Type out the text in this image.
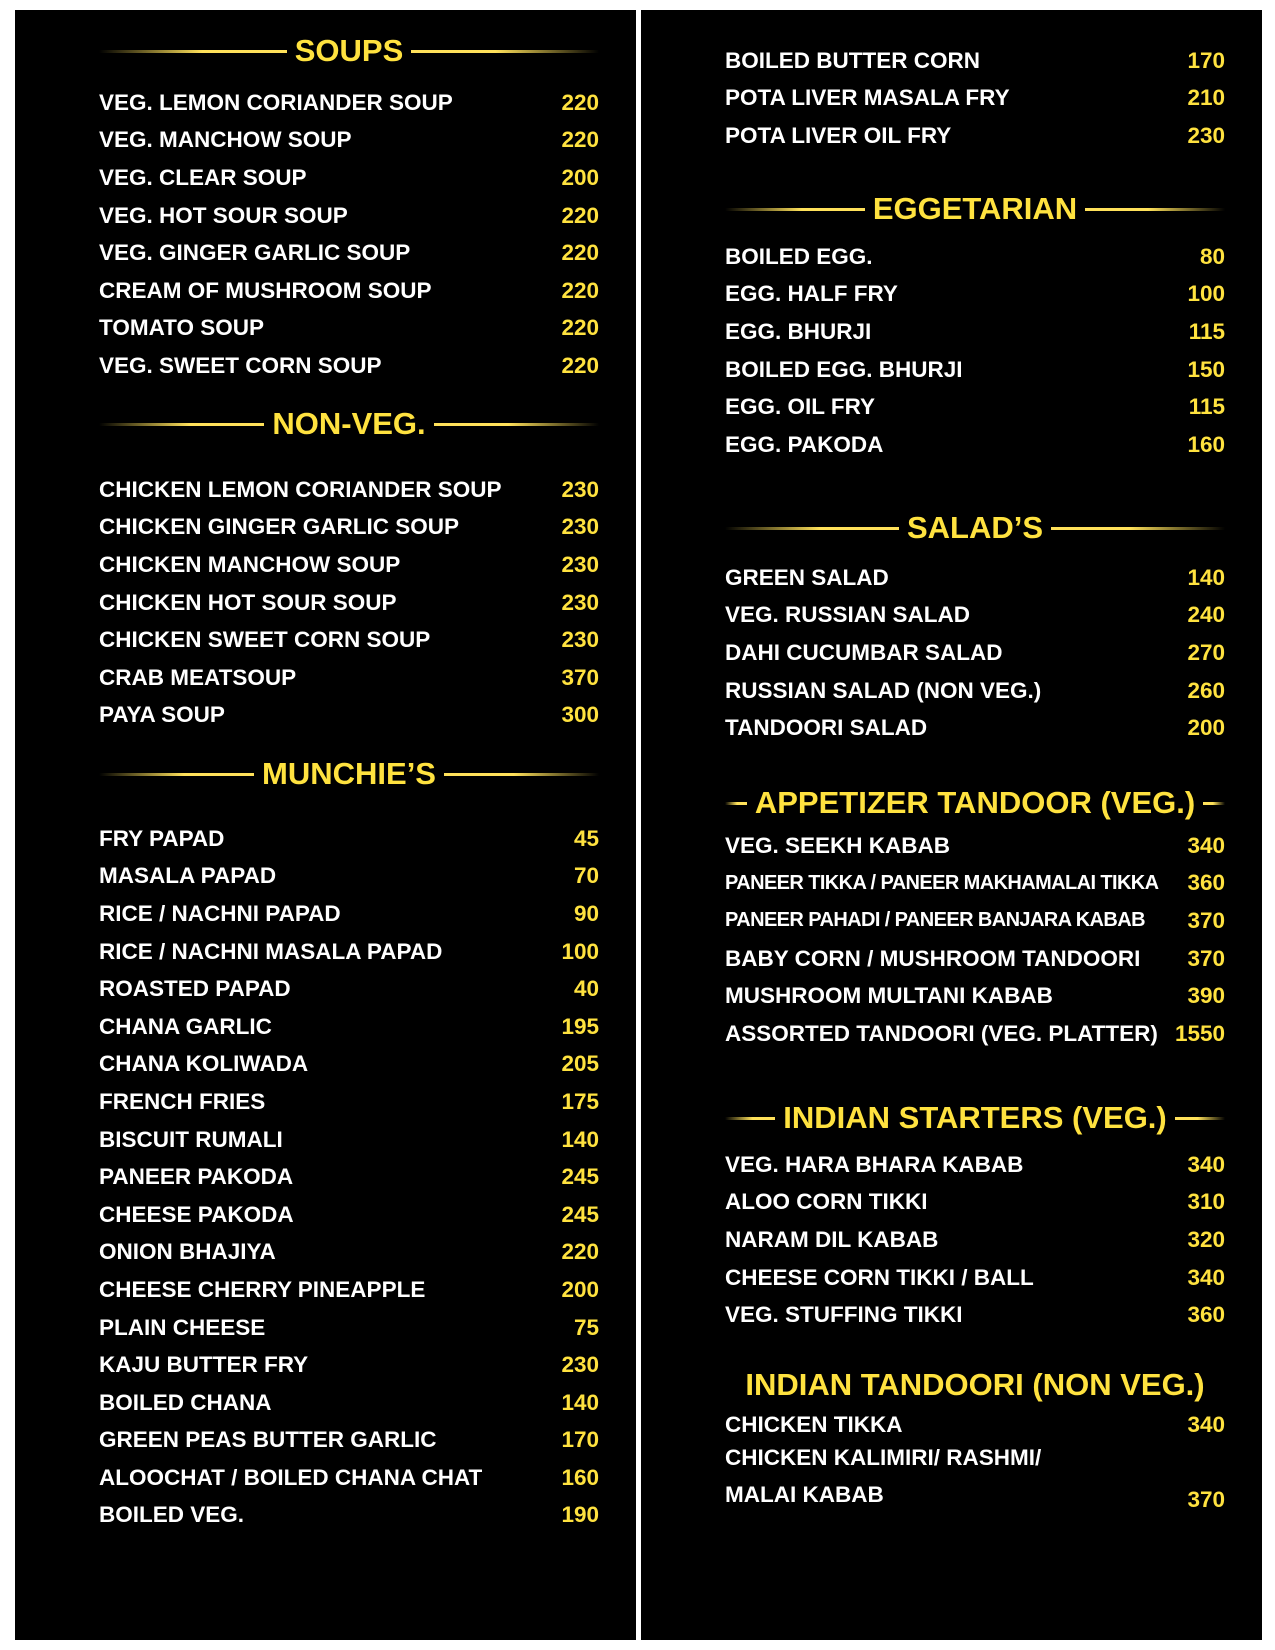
SOUPS
VEG. LEMON CORIANDER SOUP	220
VEG. MANCHOW SOUP	220
VEG. CLEAR SOUP	200
VEG. HOT SOUR SOUP	220
VEG. GINGER GARLIC SOUP	220
CREAM OF MUSHROOM SOUP	220
TOMATO SOUP	220
VEG. SWEET CORN SOUP	220
NON-VEG.
CHICKEN LEMON CORIANDER SOUP	230
CHICKEN GINGER GARLIC SOUP	230
CHICKEN MANCHOW SOUP	230
CHICKEN HOT SOUR SOUP	230
CHICKEN SWEET CORN SOUP	230
CRAB MEATSOUP	370
PAYA SOUP	300
MUNCHIE’S
FRY PAPAD	45
MASALA PAPAD	70
RICE / NACHNI PAPAD	90
RICE / NACHNI MASALA PAPAD	100
ROASTED PAPAD	40
CHANA GARLIC	195
CHANA KOLIWADA	205
FRENCH FRIES	175
BISCUIT RUMALI	140
PANEER PAKODA	245
CHEESE PAKODA	245
ONION BHAJIYA	220
CHEESE CHERRY PINEAPPLE	200
PLAIN CHEESE	75
KAJU BUTTER FRY	230
BOILED CHANA	140
GREEN PEAS BUTTER GARLIC	170
ALOOCHAT / BOILED CHANA CHAT	160
BOILED VEG.	190
BOILED BUTTER CORN	170
POTA LIVER MASALA FRY	210
POTA LIVER OIL FRY	230
EGGETARIAN
BOILED EGG.	80
EGG. HALF FRY	100
EGG. BHURJI	115
BOILED EGG. BHURJI	150
EGG. OIL FRY	115
EGG. PAKODA	160
SALAD’S
GREEN SALAD	140
VEG. RUSSIAN SALAD	240
DAHI CUCUMBAR SALAD	270
RUSSIAN SALAD (NON VEG.)	260
TANDOORI SALAD	200
APPETIZER TANDOOR (VEG.)
VEG. SEEKH KABAB	340
PANEER TIKKA / PANEER MAKHAMALAI TIKKA 360
PANEER PAHADI / PANEER BANJARA KABAB 370
BABY CORN / MUSHROOM TANDOORI 370
MUSHROOM MULTANI KABAB	390
ASSORTED TANDOORI (VEG. PLATTER) 1550
INDIAN STARTERS (VEG.)
VEG. HARA BHARA KABAB	340
ALOO CORN TIKKI	310
NARAM DIL KABAB	320
CHEESE CORN TIKKI / BALL	340
VEG. STUFFING TIKKI	360
INDIAN TANDOORI (NON VEG.)
CHICKEN TIKKA	340
CHICKEN KALIMIRI/ RASHMI/ MALAI KABAB	370
